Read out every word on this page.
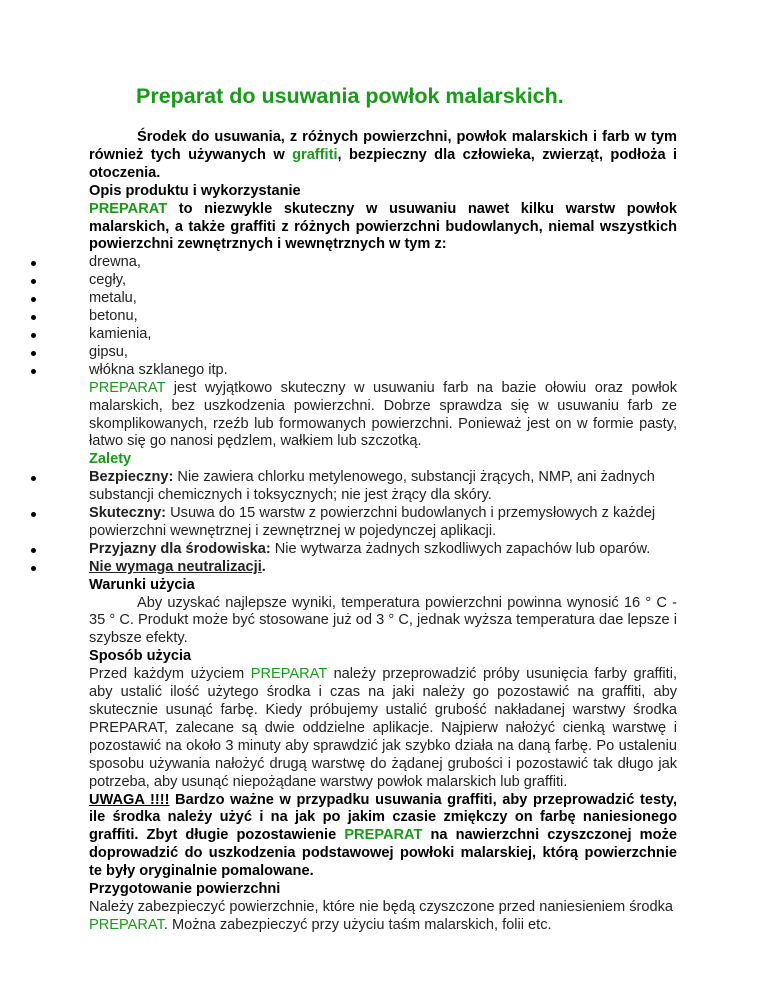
Preparat do usuwania powłok malarskich.

Środek do usuwania, z różnych powierzchni, powłok malarskich i farb w tym również tych używanych w graffiti, bezpieczny dla człowieka, zwierząt, podłoża i otoczenia.

Opis produktu i wykorzystanie

PREPARAT to niezwykle skuteczny w usuwaniu nawet kilku warstw powłok malarskich, a także graffiti z różnych powierzchni budowlanych, niemal wszystkich powierzchni zewnętrznych i wewnętrznych w tym z:

drewna,
cegły,
metalu,
betonu,
kamienia,
gipsu,
włókna szklanego itp.

PREPARAT jest wyjątkowo skuteczny w usuwaniu farb na bazie ołowiu oraz powłok malarskich, bez uszkodzenia powierzchni. Dobrze sprawdza się w usuwaniu farb ze skomplikowanych, rzeźb lub formowanych powierzchni. Ponieważ jest on w formie pasty, łatwo się go nanosi pędzlem, wałkiem lub szczotką.

Zalety

Bezpieczny: Nie zawiera chlorku metylenowego, substancji żrących, NMP, ani żadnych substancji chemicznych i toksycznych; nie jest żrący dla skóry.
Skuteczny: Usuwa do 15 warstw z powierzchni budowlanych i przemysłowych z każdej powierzchni wewnętrznej i zewnętrznej w pojedynczej aplikacji.
Przyjazny dla środowiska: Nie wytwarza żadnych szkodliwych zapachów lub oparów.
Nie wymaga neutralizacji.

Warunki użycia

Aby uzyskać najlepsze wyniki, temperatura powierzchni powinna wynosić 16 ° C - 35 ° C. Produkt może być stosowane już od 3 ° C, jednak wyższa temperatura dae lepsze i szybsze efekty.

Sposób użycia

Przed każdym użyciem PREPARAT należy przeprowadzić próby usunięcia farby graffiti, aby ustalić ilość użytego środka i czas na jaki należy go pozostawić na graffiti, aby skutecznie usunąć farbę. Kiedy próbujemy ustalić grubość nakładanej warstwy środka PREPARAT, zalecane są dwie oddzielne aplikacje. Najpierw nałożyć cienką warstwę i pozostawić na około 3 minuty aby sprawdzić jak szybko działa na daną farbę. Po ustaleniu sposobu używania nałożyć drugą warstwę do żądanej grubości i pozostawić tak długo jak potrzeba, aby usunąć niepożądane warstwy powłok malarskich lub graffiti.

UWAGA !!!! Bardzo ważne w przypadku usuwania graffiti, aby przeprowadzić testy, ile środka należy użyć i na jak po jakim czasie zmiękczy on farbę naniesionego graffiti. Zbyt długie pozostawienie PREPARAT na nawierzchni czyszczonej może doprowadzić do uszkodzenia podstawowej powłoki malarskiej, którą powierzchnie te były oryginalnie pomalowane.

Przygotowanie powierzchni

Należy zabezpieczyć powierzchnie, które nie będą czyszczone przed naniesieniem środka PREPARAT. Można zabezpieczyć przy użyciu taśm malarskich, folii etc.
